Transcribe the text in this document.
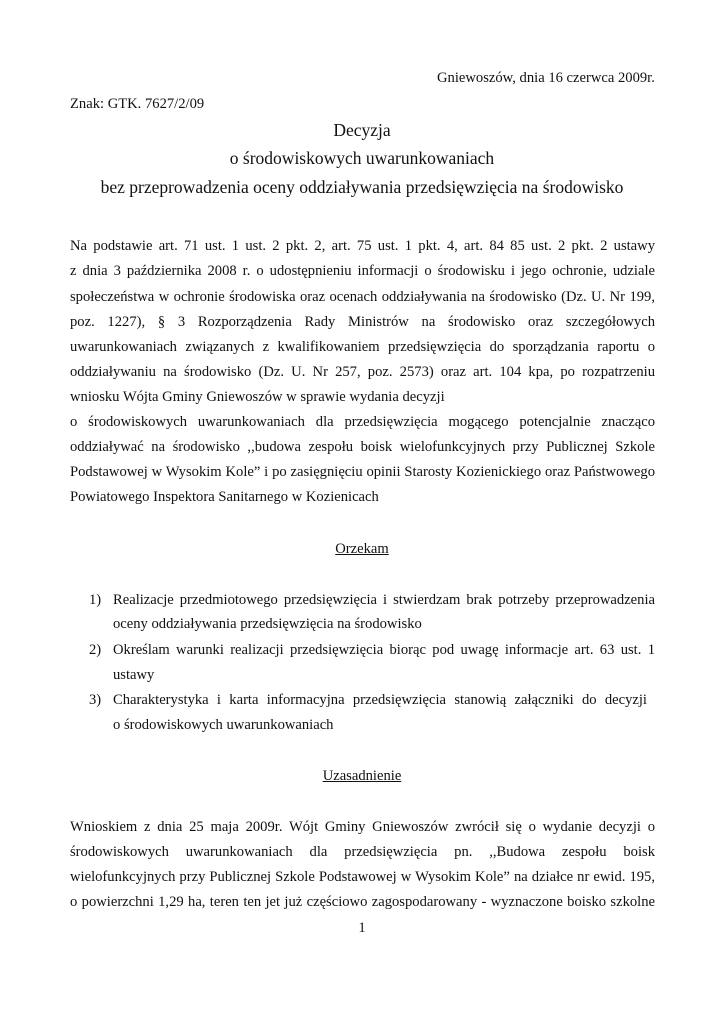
Gniewoszów, dnia 16 czerwca 2009r.
Znak: GTK. 7627/2/09
Decyzja
o środowiskowych uwarunkowaniach
bez przeprowadzenia oceny oddziaływania przedsięwzięcia na środowisko
Na podstawie art. 71 ust. 1 ust. 2 pkt. 2, art. 75 ust. 1 pkt. 4, art. 84 85 ust. 2 pkt. 2 ustawy
z dnia 3 października 2008 r. o udostępnieniu informacji o środowisku i jego ochronie, udziale
społeczeństwa w ochronie środowiska oraz ocenach oddziaływania na środowisko (Dz. U. Nr 199,
poz. 1227), § 3 Rozporządzenia Rady Ministrów na środowisko oraz szczegółowych
uwarunkowaniach związanych z kwalifikowaniem przedsięwzięcia do sporządzania raportu o
oddziaływaniu na środowisko (Dz. U. Nr 257, poz. 2573) oraz art. 104 kpa, po rozpatrzeniu
wniosku Wójta Gminy Gniewoszów w sprawie wydania decyzji
o środowiskowych uwarunkowaniach dla przedsięwzięcia mogącego potencjalnie znacząco
oddziaływać na środowisko ,,budowa zespołu boisk wielofunkcyjnych przy Publicznej Szkole
Podstawowej w Wysokim Kole” i po zasięgnięciu opinii Starosty Kozienickiego oraz Państwowego
Powiatowego Inspektora Sanitarnego w Kozienicach
Orzekam
1) Realizacje przedmiotowego przedsięwzięcia i stwierdzam brak potrzeby przeprowadzenia
oceny oddziaływania przedsięwzięcia na środowisko
2) Określam warunki realizacji przedsięwzięcia biorąc pod uwagę informacje art. 63 ust. 1
ustawy
3) Charakterystyka i karta informacyjna przedsięwzięcia stanowią załączniki do decyzji
o środowiskowych uwarunkowaniach
Uzasadnienie
Wnioskiem z dnia 25 maja 2009r. Wójt Gminy Gniewoszów zwrócił się o wydanie decyzji o
środowiskowych uwarunkowaniach dla przedsięwzięcia pn. ,,Budowa zespołu boisk
wielofunkcyjnych przy Publicznej Szkole Podstawowej w Wysokim Kole” na działce nr ewid. 195,
o powierzchni 1,29 ha, teren ten jet już częściowo zagospodarowany - wyznaczone boisko szkolne
1
